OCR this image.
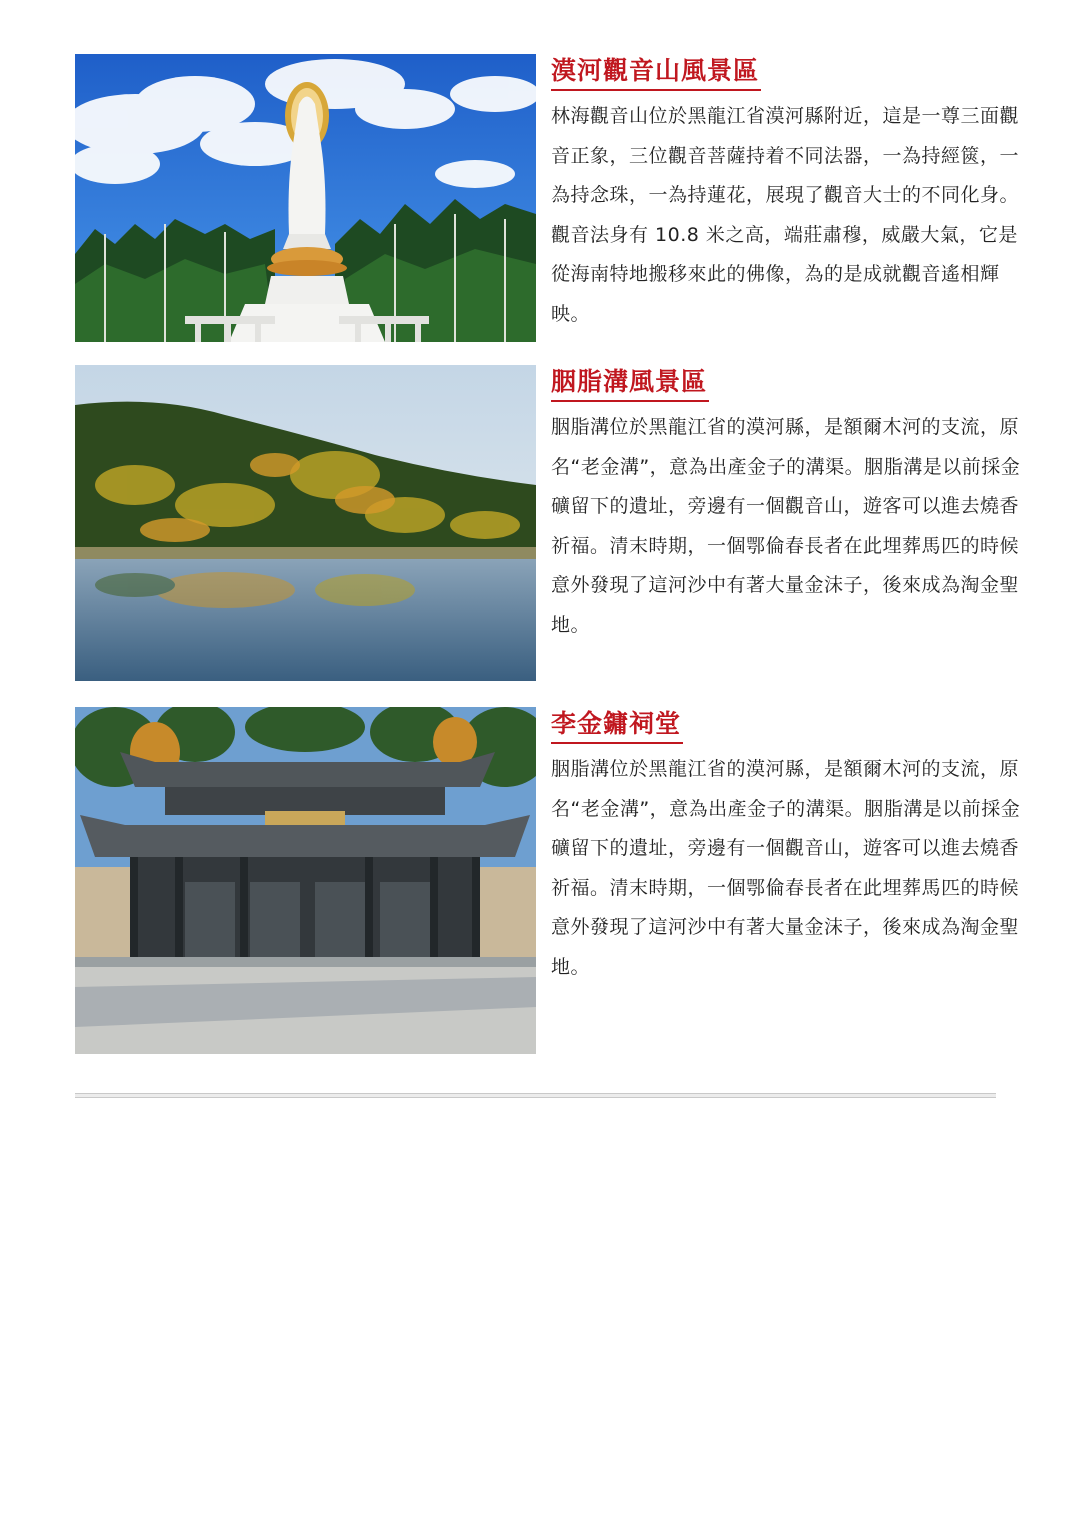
漠河觀音山風景區

林海觀音山位於黑龍江省漠河縣附近，這是一尊三面觀音正象，三位觀音菩薩持着不同法器，一為持經篋，一為持念珠，一為持蓮花，展現了觀音大士的不同化身。觀音法身有 10.8 米之高，端莊肅穆，威嚴大氣，它是從海南特地搬移來此的佛像，為的是成就觀音遙相輝映。

胭脂溝風景區

胭脂溝位於黑龍江省的漠河縣，是額爾木河的支流，原名“老金溝”，意為出產金子的溝渠。胭脂溝是以前採金礦留下的遺址，旁邊有一個觀音山，遊客可以進去燒香祈福。清末時期，一個鄂倫春長者在此埋葬馬匹的時候意外發現了這河沙中有著大量金沫子，後來成為淘金聖地。

李金鏞祠堂

胭脂溝位於黑龍江省的漠河縣，是額爾木河的支流，原名“老金溝”，意為出產金子的溝渠。胭脂溝是以前採金礦留下的遺址，旁邊有一個觀音山，遊客可以進去燒香祈福。清末時期，一個鄂倫春長者在此埋葬馬匹的時候意外發現了這河沙中有著大量金沫子，後來成為淘金聖地。
